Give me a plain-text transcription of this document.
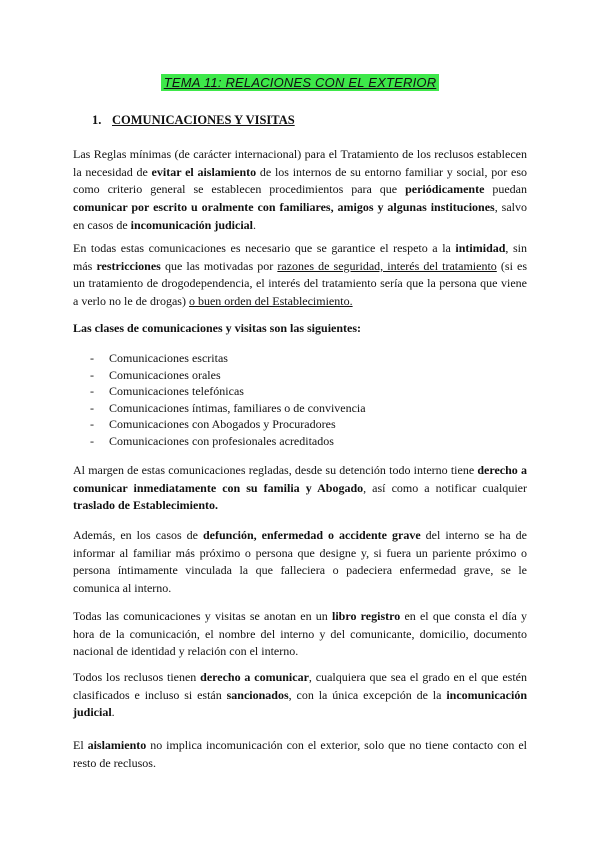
TEMA 11: RELACIONES CON EL EXTERIOR
1. COMUNICACIONES Y VISITAS

Las Reglas mínimas (de carácter internacional) para el Tratamiento de los reclusos establecen la necesidad de evitar el aislamiento de los internos de su entorno familiar y social, por eso como criterio general se establecen procedimientos para que periódicamente puedan comunicar por escrito u oralmente con familiares, amigos y algunas instituciones, salvo en casos de incomunicación judicial.

En todas estas comunicaciones es necesario que se garantice el respeto a la intimidad, sin más restricciones que las motivadas por razones de seguridad, interés del tratamiento (si es un tratamiento de drogodependencia, el interés del tratamiento sería que la persona que viene a verlo no le de drogas) o buen orden del Establecimiento.

Las clases de comunicaciones y visitas son las siguientes:

-	Comunicaciones escritas
-	Comunicaciones orales
-	Comunicaciones telefónicas
-	Comunicaciones íntimas, familiares o de convivencia
-	Comunicaciones con Abogados y Procuradores
-	Comunicaciones con profesionales acreditados

Al margen de estas comunicaciones regladas, desde su detención todo interno tiene derecho a comunicar inmediatamente con su familia y Abogado, así como a notificar cualquier traslado de Establecimiento.

Además, en los casos de defunción, enfermedad o accidente grave del interno se ha de informar al familiar más próximo o persona que designe y, si fuera un pariente próximo o persona íntimamente vinculada la que falleciera o padeciera enfermedad grave, se le comunica al interno.

Todas las comunicaciones y visitas se anotan en un libro registro en el que consta el día y hora de la comunicación, el nombre del interno y del comunicante, domicilio, documento nacional de identidad y relación con el interno.

Todos los reclusos tienen derecho a comunicar, cualquiera que sea el grado en el que estén clasificados e incluso si están sancionados, con la única excepción de la incomunicación judicial.

El aislamiento no implica incomunicación con el exterior, solo que no tiene contacto con el resto de reclusos.
